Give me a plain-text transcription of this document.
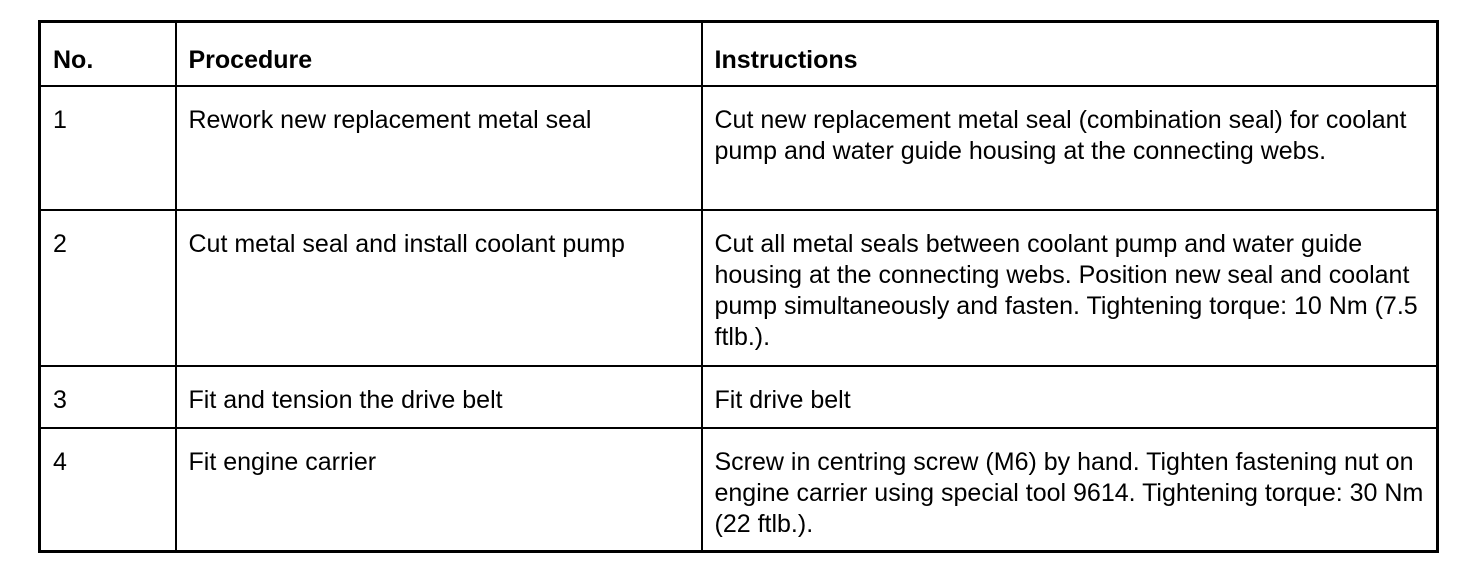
No.	Procedure	Instructions
1	Rework new replacement metal seal	Cut new replacement metal seal (combination seal) for coolant pump and water guide housing at the connecting webs.
2	Cut metal seal and install coolant pump	Cut all metal seals between coolant pump and water guide housing at the connecting webs. Position new seal and coolant pump simultaneously and fasten. Tightening torque: 10 Nm (7.5 ftlb.).
3	Fit and tension the drive belt	Fit drive belt
4	Fit engine carrier	Screw in centring screw (M6) by hand. Tighten fastening nut on engine carrier using special tool 9614. Tightening torque: 30 Nm (22 ftlb.).
